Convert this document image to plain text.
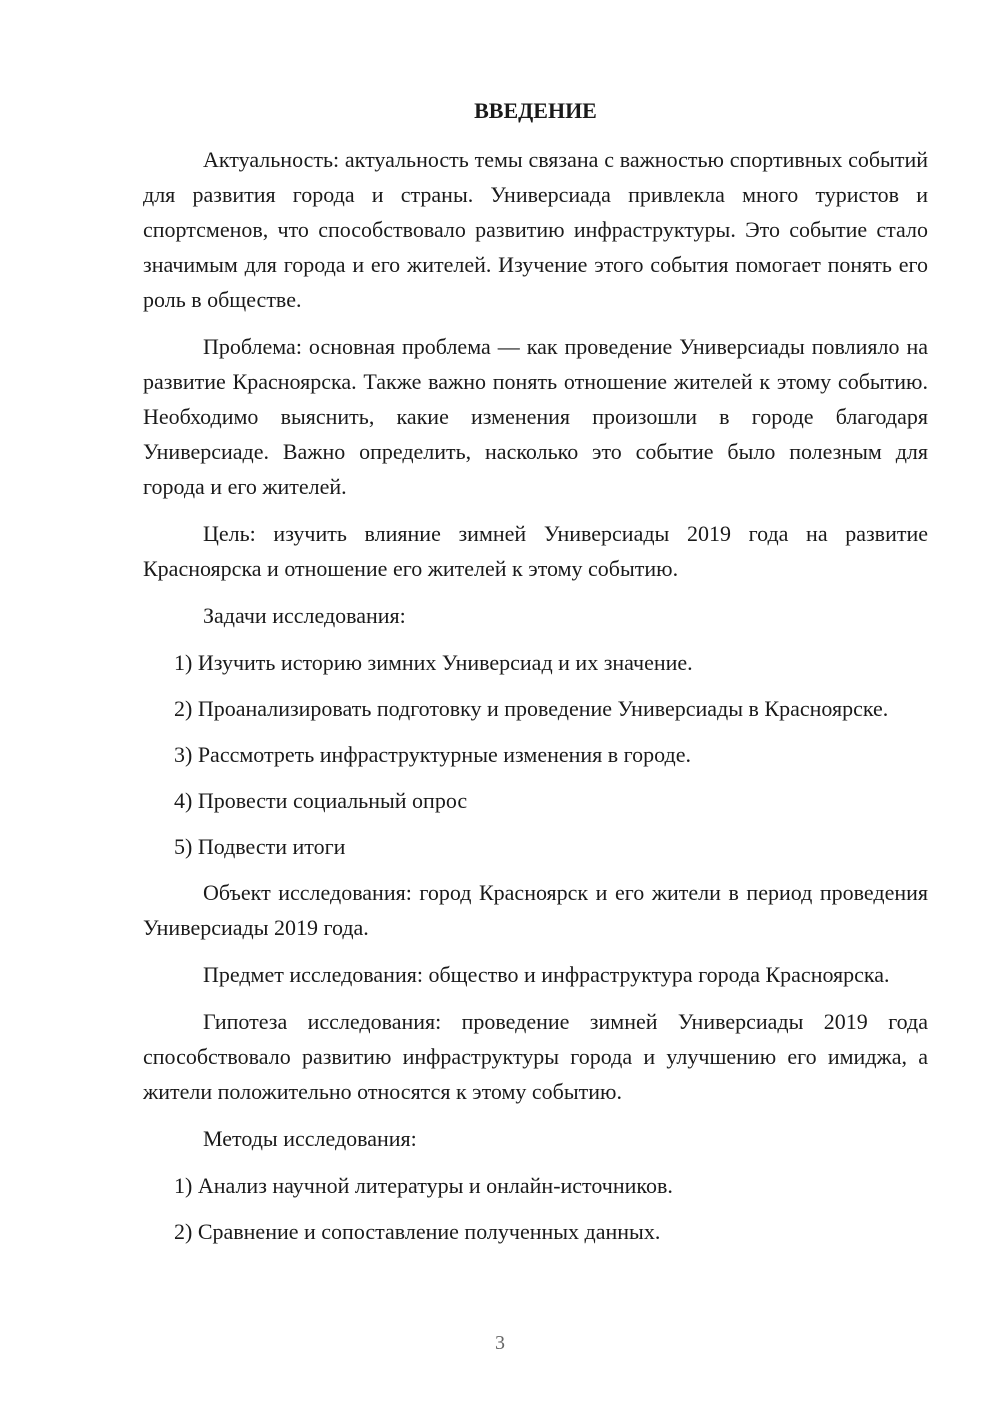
ВВЕДЕНИЕ
Актуальность: актуальность темы связана с важностью спортивных событий для развития города и страны. Универсиада привлекла много туристов и спортсменов, что способствовало развитию инфраструктуры. Это событие стало значимым для города и его жителей. Изучение этого события помогает понять его роль в обществе.
Проблема: основная проблема — как проведение Универсиады повлияло на развитие Красноярска. Также важно понять отношение жителей к этому событию. Необходимо выяснить, какие изменения произошли в городе благодаря Универсиаде. Важно определить, насколько это событие было полезным для города и его жителей.
Цель: изучить влияние зимней Универсиады 2019 года на развитие Красноярска и отношение его жителей к этому событию.
Задачи исследования:
1) Изучить историю зимних Универсиад и их значение.
2) Проанализировать подготовку и проведение Универсиады в Красноярске.
3) Рассмотреть инфраструктурные изменения в городе.
4) Провести социальный опрос
5) Подвести итоги
Объект исследования: город Красноярск и его жители в период проведения Универсиады 2019 года.
Предмет исследования: общество и инфраструктура города Красноярска.
Гипотеза исследования: проведение зимней Универсиады 2019 года способствовало развитию инфраструктуры города и улучшению его имиджа, а жители положительно относятся к этому событию.
Методы исследования:
1) Анализ научной литературы и онлайн-источников.
2) Сравнение и сопоставление полученных данных.
3
